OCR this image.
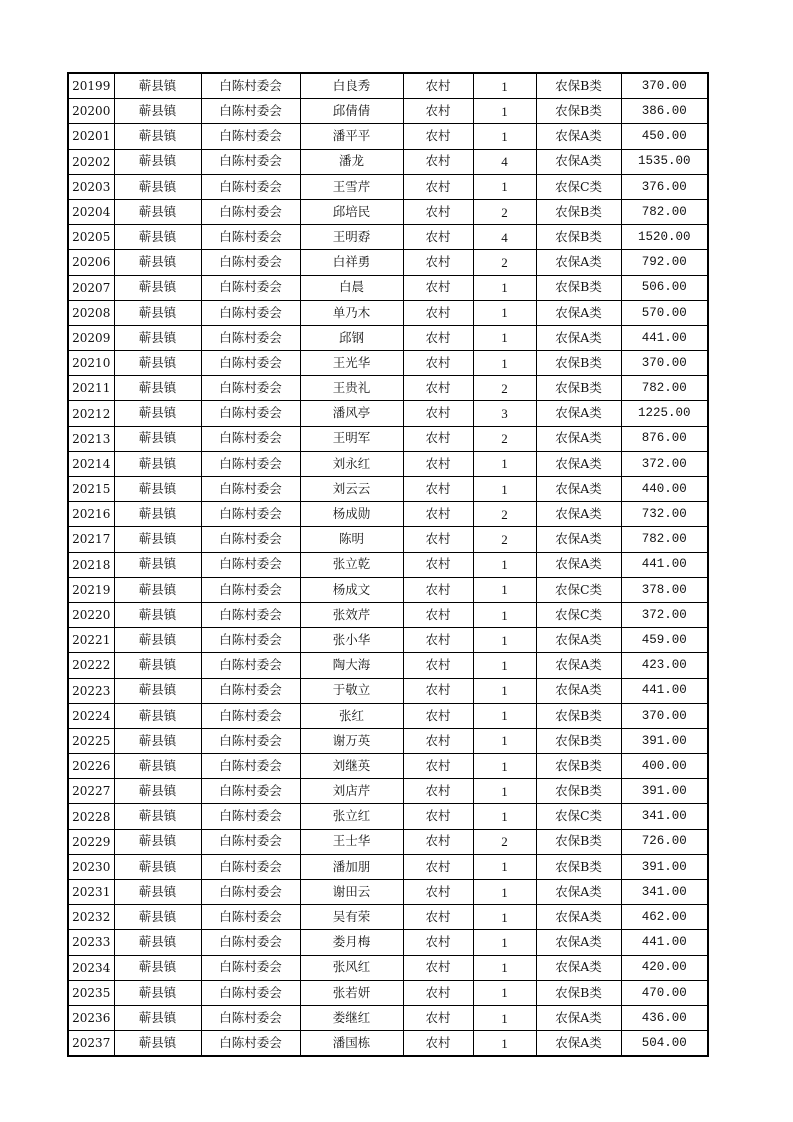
20199	蕲县镇	白陈村委会	白良秀	农村	1	农保B类	370.00
20200	蕲县镇	白陈村委会	邱倩倩	农村	1	农保B类	386.00
20201	蕲县镇	白陈村委会	潘平平	农村	1	农保A类	450.00
20202	蕲县镇	白陈村委会	潘龙	农村	4	农保A类	1535.00
20203	蕲县镇	白陈村委会	王雪芹	农村	1	农保C类	376.00
20204	蕲县镇	白陈村委会	邱培民	农村	2	农保B类	782.00
20205	蕲县镇	白陈村委会	王明孬	农村	4	农保B类	1520.00
20206	蕲县镇	白陈村委会	白祥勇	农村	2	农保A类	792.00
20207	蕲县镇	白陈村委会	白晨	农村	1	农保B类	506.00
20208	蕲县镇	白陈村委会	单乃木	农村	1	农保A类	570.00
20209	蕲县镇	白陈村委会	邱钢	农村	1	农保A类	441.00
20210	蕲县镇	白陈村委会	王光华	农村	1	农保B类	370.00
20211	蕲县镇	白陈村委会	王贵礼	农村	2	农保B类	782.00
20212	蕲县镇	白陈村委会	潘风亭	农村	3	农保A类	1225.00
20213	蕲县镇	白陈村委会	王明军	农村	2	农保A类	876.00
20214	蕲县镇	白陈村委会	刘永红	农村	1	农保A类	372.00
20215	蕲县镇	白陈村委会	刘云云	农村	1	农保A类	440.00
20216	蕲县镇	白陈村委会	杨成勋	农村	2	农保A类	732.00
20217	蕲县镇	白陈村委会	陈明	农村	2	农保A类	782.00
20218	蕲县镇	白陈村委会	张立乾	农村	1	农保A类	441.00
20219	蕲县镇	白陈村委会	杨成文	农村	1	农保C类	378.00
20220	蕲县镇	白陈村委会	张效芹	农村	1	农保C类	372.00
20221	蕲县镇	白陈村委会	张小华	农村	1	农保A类	459.00
20222	蕲县镇	白陈村委会	陶大海	农村	1	农保A类	423.00
20223	蕲县镇	白陈村委会	于敬立	农村	1	农保A类	441.00
20224	蕲县镇	白陈村委会	张红	农村	1	农保B类	370.00
20225	蕲县镇	白陈村委会	谢万英	农村	1	农保B类	391.00
20226	蕲县镇	白陈村委会	刘继英	农村	1	农保B类	400.00
20227	蕲县镇	白陈村委会	刘店芹	农村	1	农保B类	391.00
20228	蕲县镇	白陈村委会	张立红	农村	1	农保C类	341.00
20229	蕲县镇	白陈村委会	王士华	农村	2	农保B类	726.00
20230	蕲县镇	白陈村委会	潘加朋	农村	1	农保B类	391.00
20231	蕲县镇	白陈村委会	谢田云	农村	1	农保A类	341.00
20232	蕲县镇	白陈村委会	吴有荣	农村	1	农保A类	462.00
20233	蕲县镇	白陈村委会	娄月梅	农村	1	农保A类	441.00
20234	蕲县镇	白陈村委会	张风红	农村	1	农保A类	420.00
20235	蕲县镇	白陈村委会	张若妍	农村	1	农保B类	470.00
20236	蕲县镇	白陈村委会	娄继红	农村	1	农保A类	436.00
20237	蕲县镇	白陈村委会	潘国栋	农村	1	农保A类	504.00
